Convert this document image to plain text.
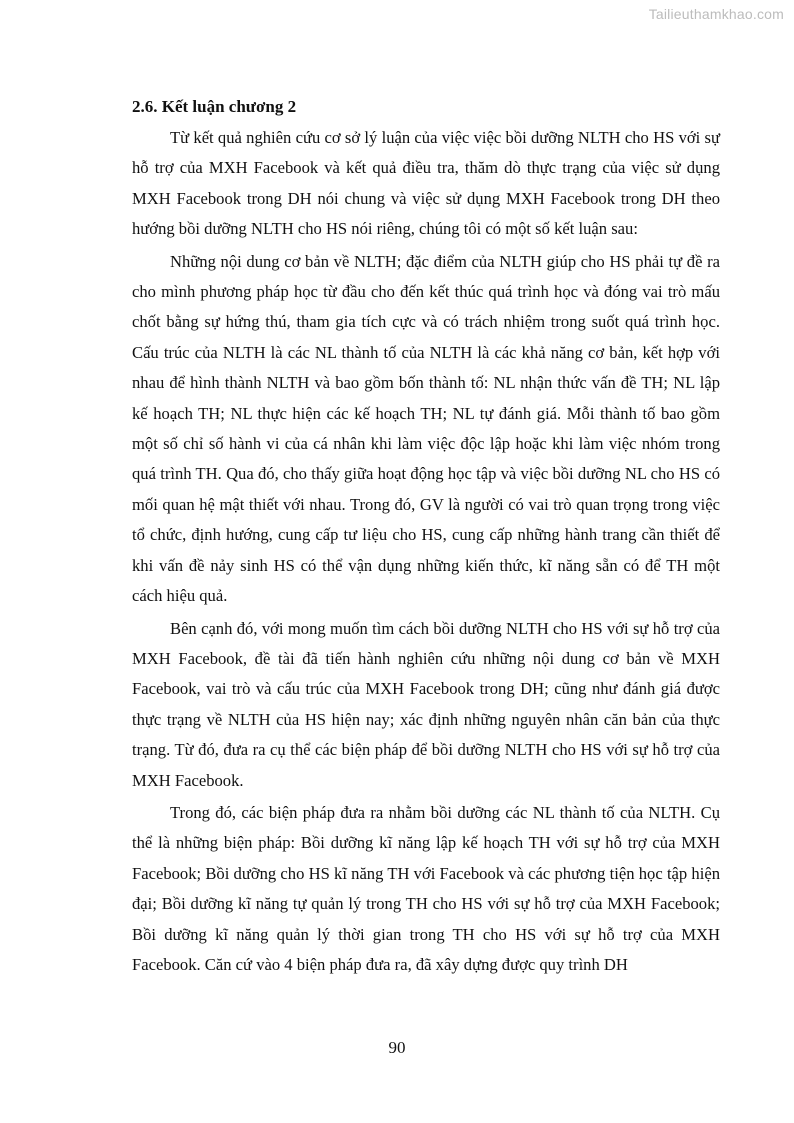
Tailieuthamkhao.com
2.6. Kết luận chương 2

Từ kết quả nghiên cứu cơ sở lý luận của việc việc bồi dưỡng NLTH cho HS với sự hỗ trợ của MXH Facebook và kết quả điều tra, thăm dò thực trạng của việc sử dụng MXH Facebook trong DH nói chung và việc sử dụng MXH Facebook trong DH theo hướng bồi dưỡng NLTH cho HS nói riêng, chúng tôi có một số kết luận sau:

Những nội dung cơ bản về NLTH; đặc điểm của NLTH giúp cho HS phải tự đề ra cho mình phương pháp học từ đầu cho đến kết thúc quá trình học và đóng vai trò mấu chốt bằng sự hứng thú, tham gia tích cực và có trách nhiệm trong suốt quá trình học. Cấu trúc của NLTH là các NL thành tố của NLTH là các khả năng cơ bản, kết hợp với nhau để hình thành NLTH và bao gồm bốn thành tố: NL nhận thức vấn đề TH; NL lập kế hoạch TH; NL thực hiện các kế hoạch TH; NL tự đánh giá. Mỗi thành tố bao gồm một số chỉ số hành vi của cá nhân khi làm việc độc lập hoặc khi làm việc nhóm trong quá trình TH. Qua đó, cho thấy giữa hoạt động học tập và việc bồi dưỡng NL cho HS có mối quan hệ mật thiết với nhau. Trong đó, GV là người có vai trò quan trọng trong việc tổ chức, định hướng, cung cấp tư liệu cho HS, cung cấp những hành trang cần thiết để khi vấn đề nảy sinh HS có thể vận dụng những kiến thức, kĩ năng sẵn có để TH một cách hiệu quả.

Bên cạnh đó, với mong muốn tìm cách bồi dưỡng NLTH cho HS với sự hỗ trợ của MXH Facebook, đề tài đã tiến hành nghiên cứu những nội dung cơ bản về MXH Facebook, vai trò và cấu trúc của MXH Facebook trong DH; cũng như đánh giá được thực trạng về NLTH của HS hiện nay; xác định những nguyên nhân căn bản của thực trạng. Từ đó, đưa ra cụ thể các biện pháp để bồi dưỡng NLTH cho HS với sự hỗ trợ của MXH Facebook.

Trong đó, các biện pháp đưa ra nhằm bồi dưỡng các NL thành tố của NLTH. Cụ thể là những biện pháp: Bồi dưỡng kĩ năng lập kế hoạch TH với sự hỗ trợ của MXH Facebook; Bồi dưỡng cho HS kĩ năng TH với Facebook và các phương tiện học tập hiện đại; Bồi dưỡng kĩ năng tự quản lý trong TH cho HS với sự hỗ trợ của MXH Facebook; Bồi dưỡng kĩ năng quản lý thời gian trong TH cho HS với sự hỗ trợ của MXH Facebook. Căn cứ vào 4 biện pháp đưa ra, đã xây dựng được quy trình DH

90
